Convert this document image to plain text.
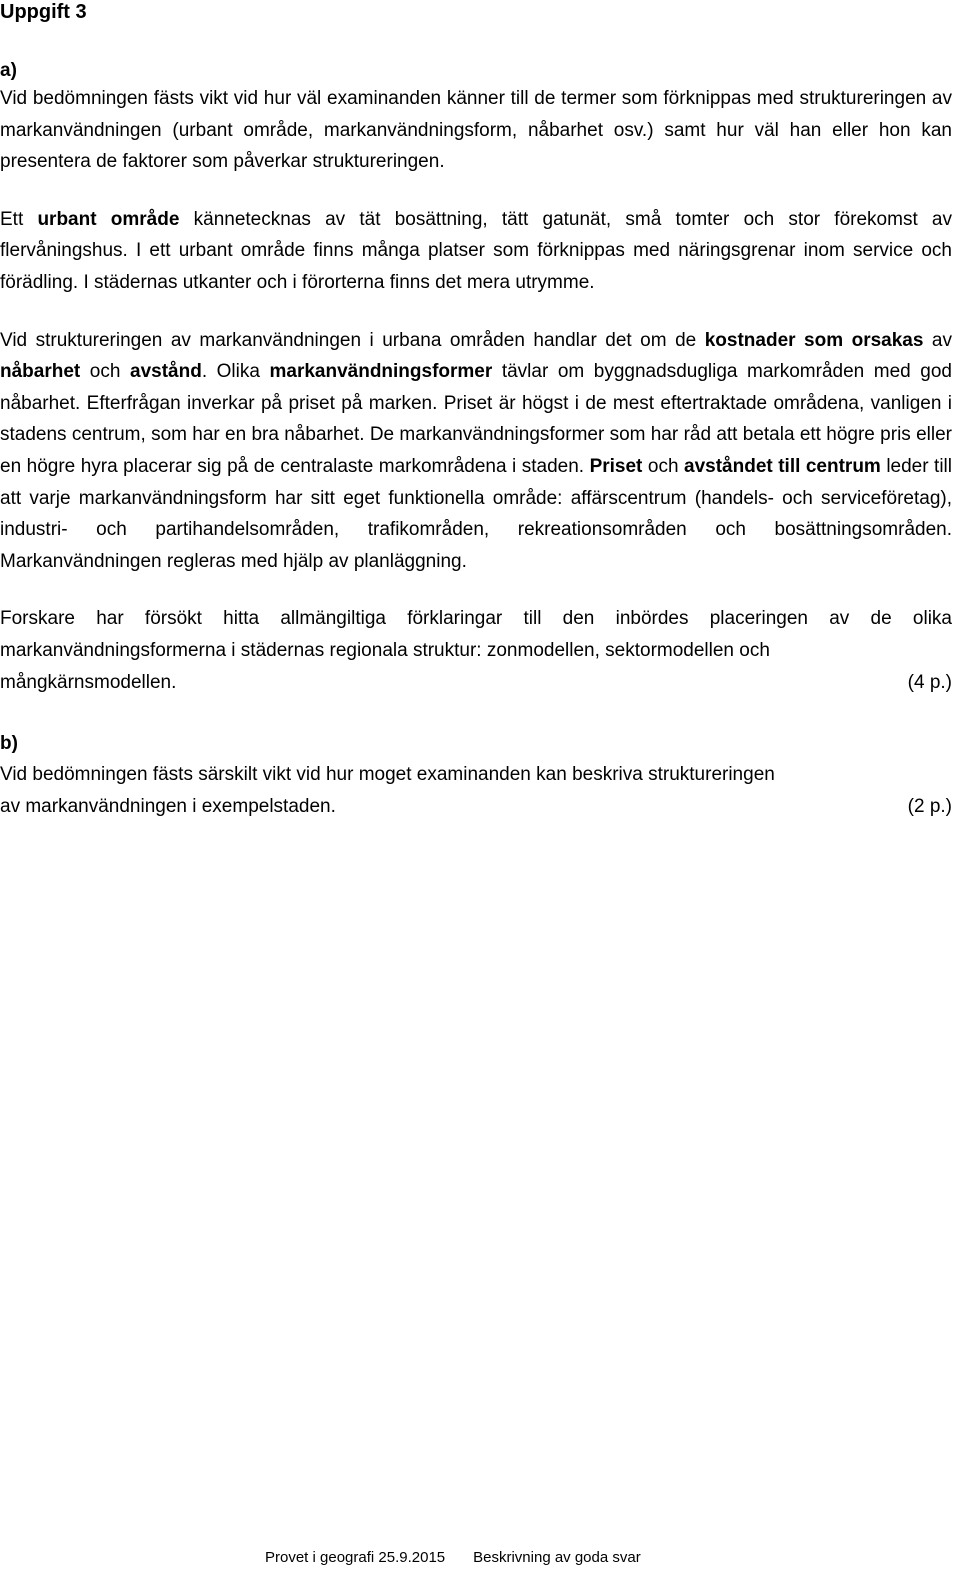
Uppgift 3
a)

Vid bedömningen fästs vikt vid hur väl examinanden känner till de termer som förknippas med struktureringen av markanvändningen (urbant område, markanvändningsform, nåbarhet osv.) samt hur väl han eller hon kan presentera de faktorer som påverkar struktureringen.

Ett urbant område kännetecknas av tät bosättning, tätt gatunät, små tomter och stor förekomst av flervåningshus. I ett urbant område finns många platser som förknippas med näringsgrenar inom service och förädling. I städernas utkanter och i förorterna finns det mera utrymme.

Vid struktureringen av markanvändningen i urbana områden handlar det om de kostnader som orsakas av nåbarhet och avstånd. Olika markanvändningsformer tävlar om byggnadsdugliga markområden med god nåbarhet. Efterfrågan inverkar på priset på marken. Priset är högst i de mest eftertraktade områdena, vanligen i stadens centrum, som har en bra nåbarhet. De markanvändningsformer som har råd att betala ett högre pris eller en högre hyra placerar sig på de centralaste markområdena i staden. Priset och avståndet till centrum leder till att varje markanvändningsform har sitt eget funktionella område: affärscentrum (handels- och serviceföretag), industri- och partihandelsområden, trafikområden, rekreationsområden och bosättningsområden. Markanvändningen regleras med hjälp av planläggning.

Forskare har försökt hitta allmängiltiga förklaringar till den inbördes placeringen av de olika markanvändningsformerna i städernas regionala struktur: zonmodellen, sektormodellen och

mångkärnsmodellen.	(4 p.)
b)

Vid bedömningen fästs särskilt vikt vid hur moget examinanden kan beskriva struktureringen

av markanvändningen i exempelstaden.	(2 p.)
Provet i geografi 25.9.2015 Beskrivning av goda svar
